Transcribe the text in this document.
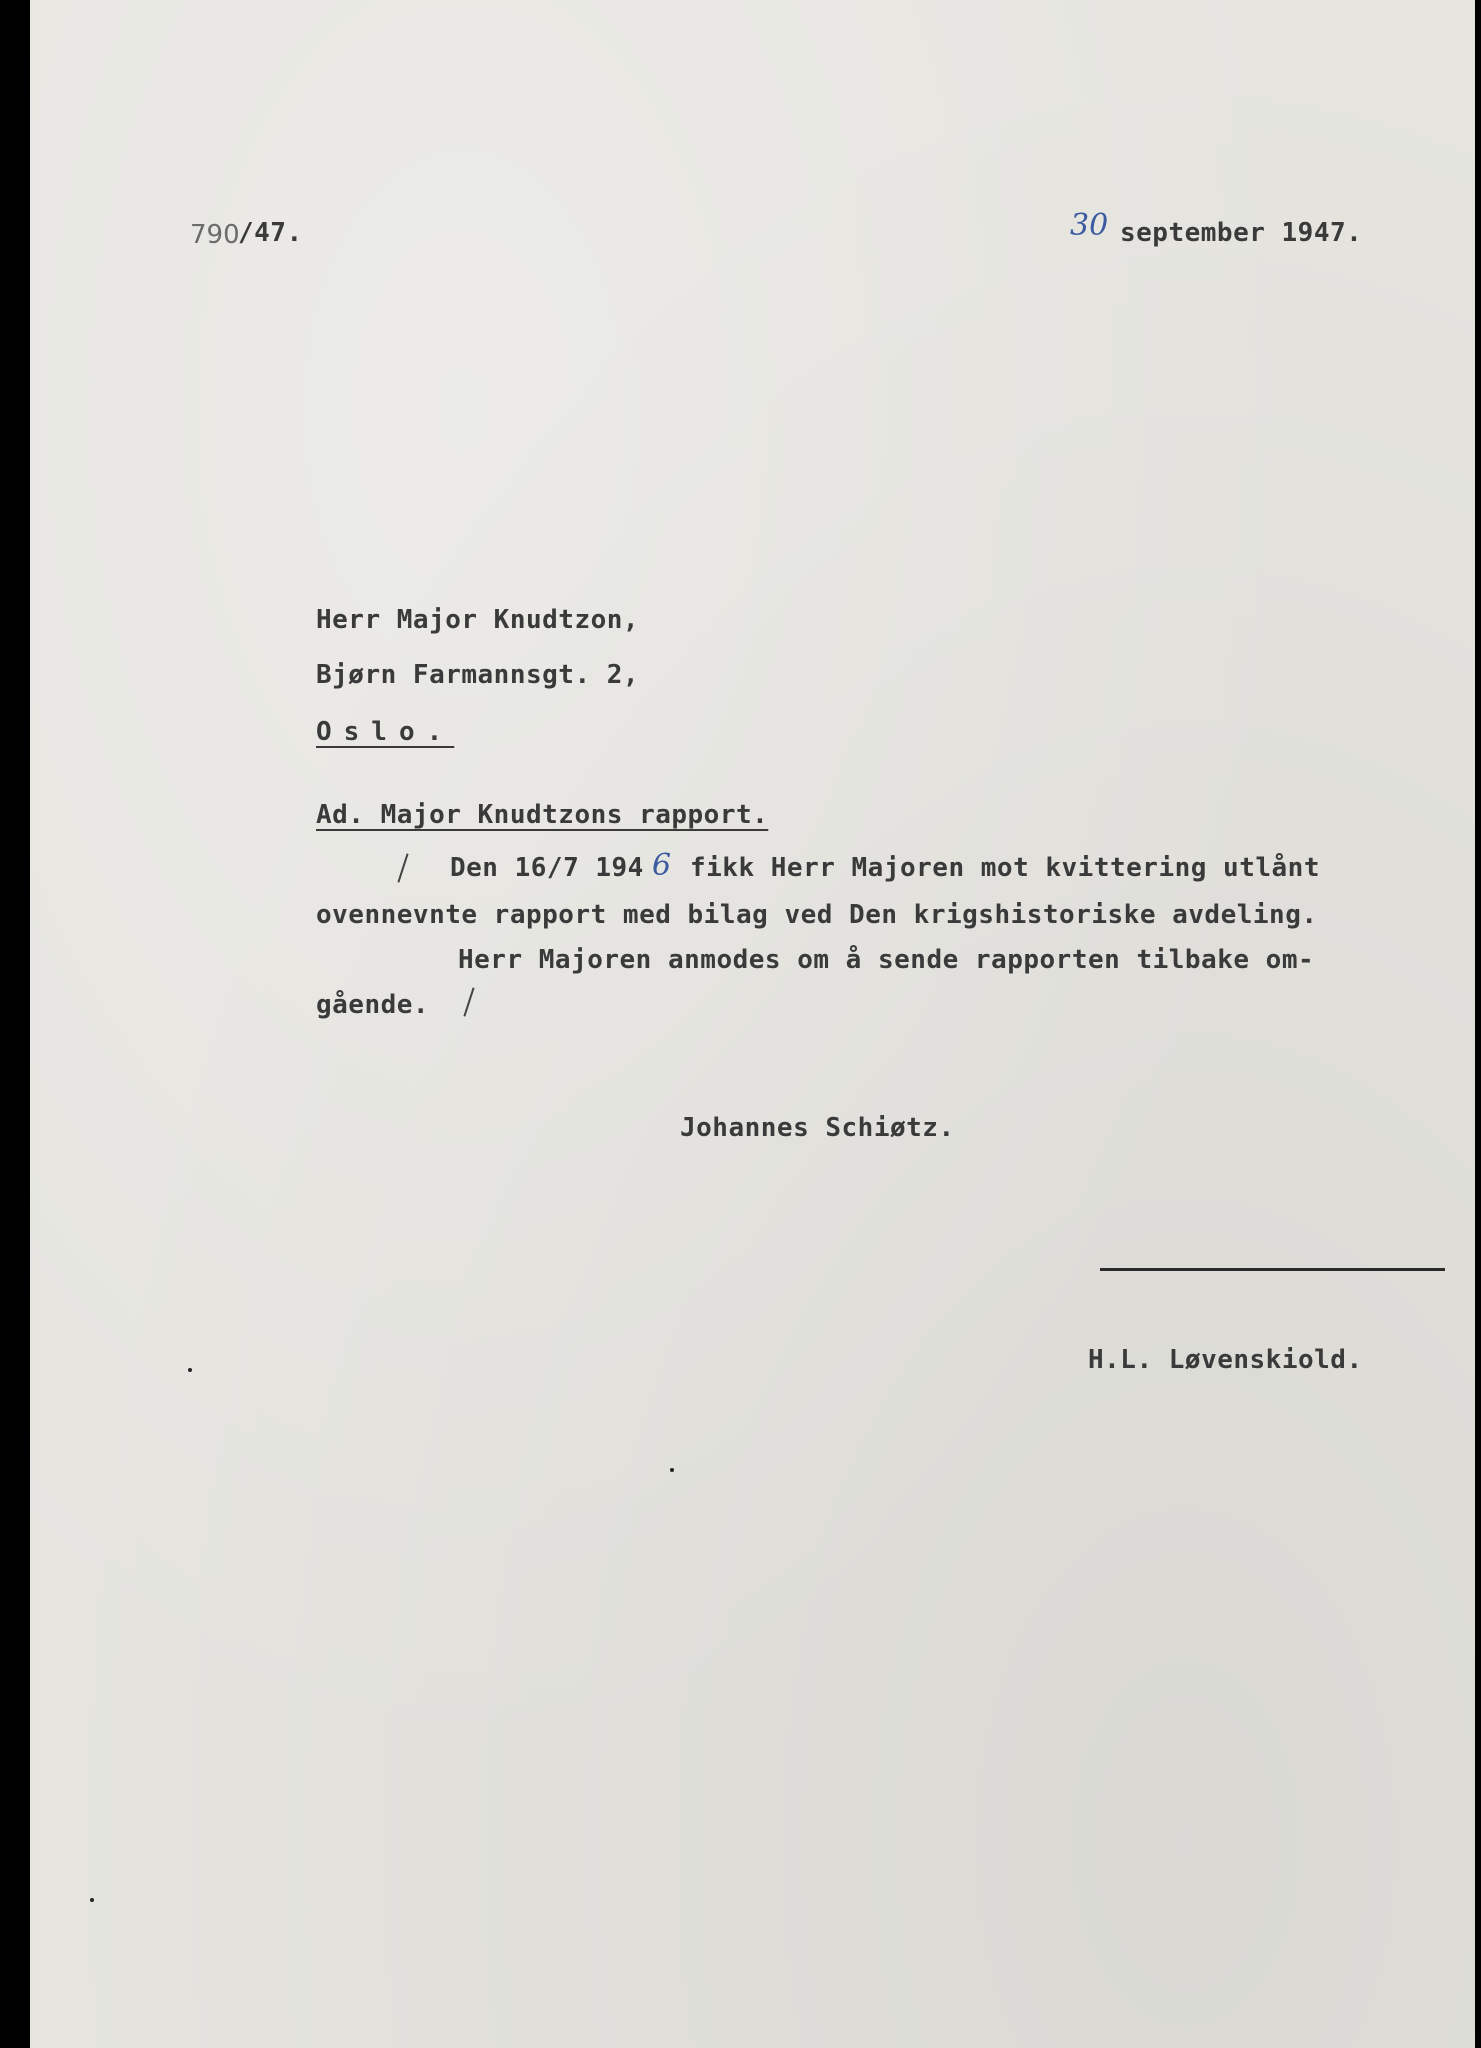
790
/47.	30 september 1947.
Herr Major Knudtzon,
Bjørn Farmannsgt. 2,
Oslo.
Ad. Major Knudtzons rapport.
Den 16/7 194 6 fikk Herr Majoren mot kvittering utlånt
ovennevnte rapport med bilag ved Den krigshistoriske avdeling.
Herr Majoren anmodes om å sende rapporten tilbake om-
gående.
Johannes Schiøtz.
H.L. Løvenskiold.
